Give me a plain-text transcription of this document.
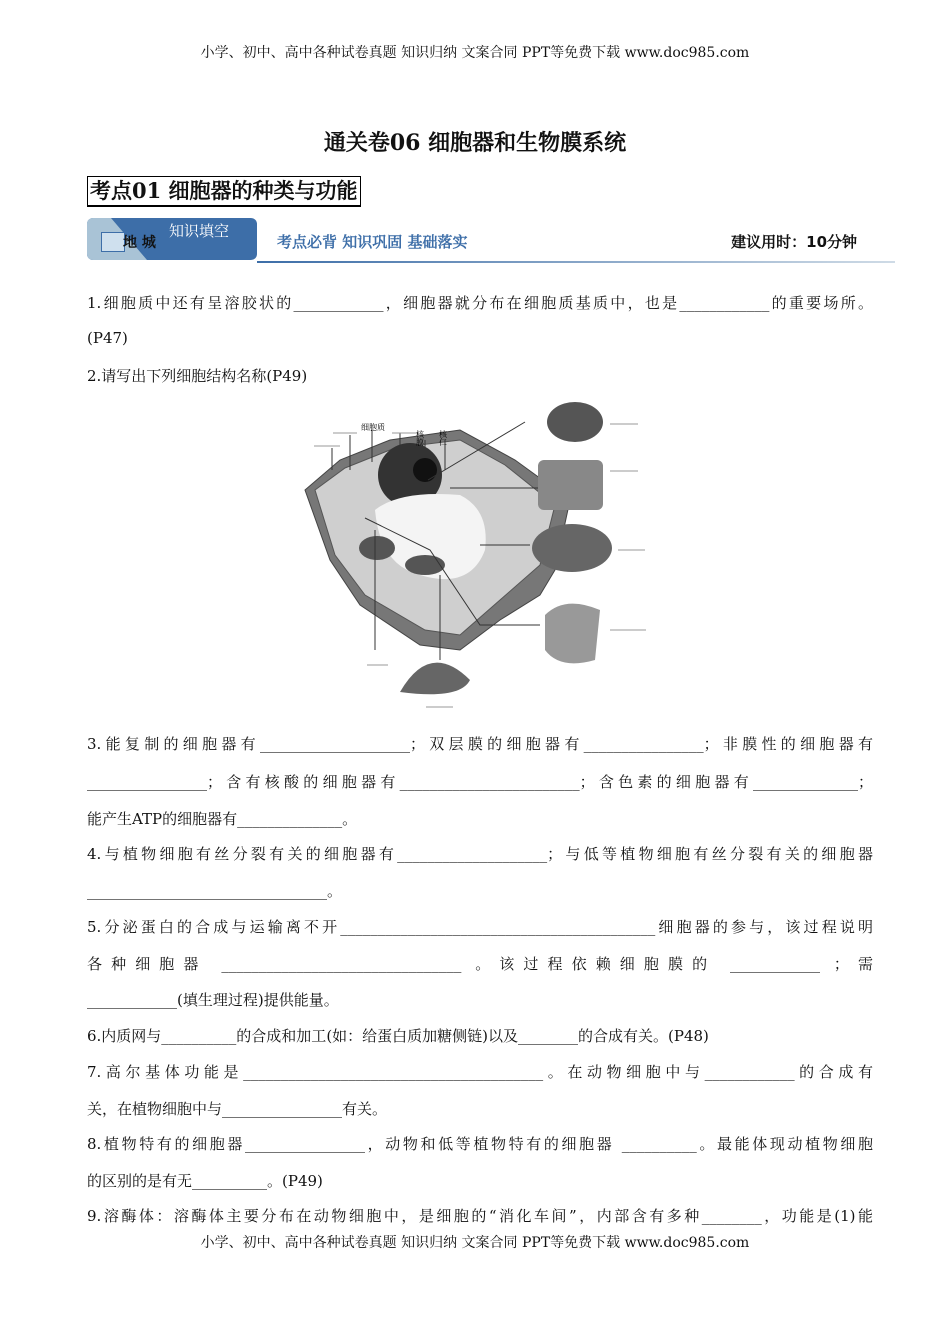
小学、初中、高中各种试卷真题 知识归纳 文案合同 PPT等免费下载 www.doc985.com
通关卷06 细胞器和生物膜系统
考点01 细胞器的种类与功能
地 城
知识填空
考点必背 知识巩固 基础落实	建议用时：10分钟
1.细胞质中还有呈溶胶状的____________，细胞器就分布在细胞质基质中，也是____________的重要场所。
(P47)
2.请写出下列细胞结构名称(P49)
细胞质
核膜 核仁
3.能复制的细胞器有____________________；双层膜的细胞器有________________；非膜性的细胞器有
________________；含有核酸的细胞器有________________________；含色素的细胞器有______________；
能产生ATP的细胞器有______________。
4.与植物细胞有丝分裂有关的细胞器有____________________；与低等植物细胞有丝分裂有关的细胞器
________________________________。
5.分泌蛋白的合成与运输离不开__________________________________________细胞器的参与，该过程说明
各种细胞器 ________________________________ 。该过程依赖细胞膜的 ____________ ；需
____________(填生理过程)提供能量。
6.内质网与__________的合成和加工(如：给蛋白质加糖侧链)以及________的合成有关。(P48)
7.高尔基体功能是________________________________________。在动物细胞中与____________的合成有
关，在植物细胞中与________________有关。
8.植物特有的细胞器________________，动物和低等植物特有的细胞器 __________。最能体现动植物细胞
的区别的是有无__________。(P49)
9.溶酶体：溶酶体主要分布在动物细胞中，是细胞的“消化车间”，内部含有多种________，功能是(1)能
小学、初中、高中各种试卷真题 知识归纳 文案合同 PPT等免费下载 www.doc985.com
